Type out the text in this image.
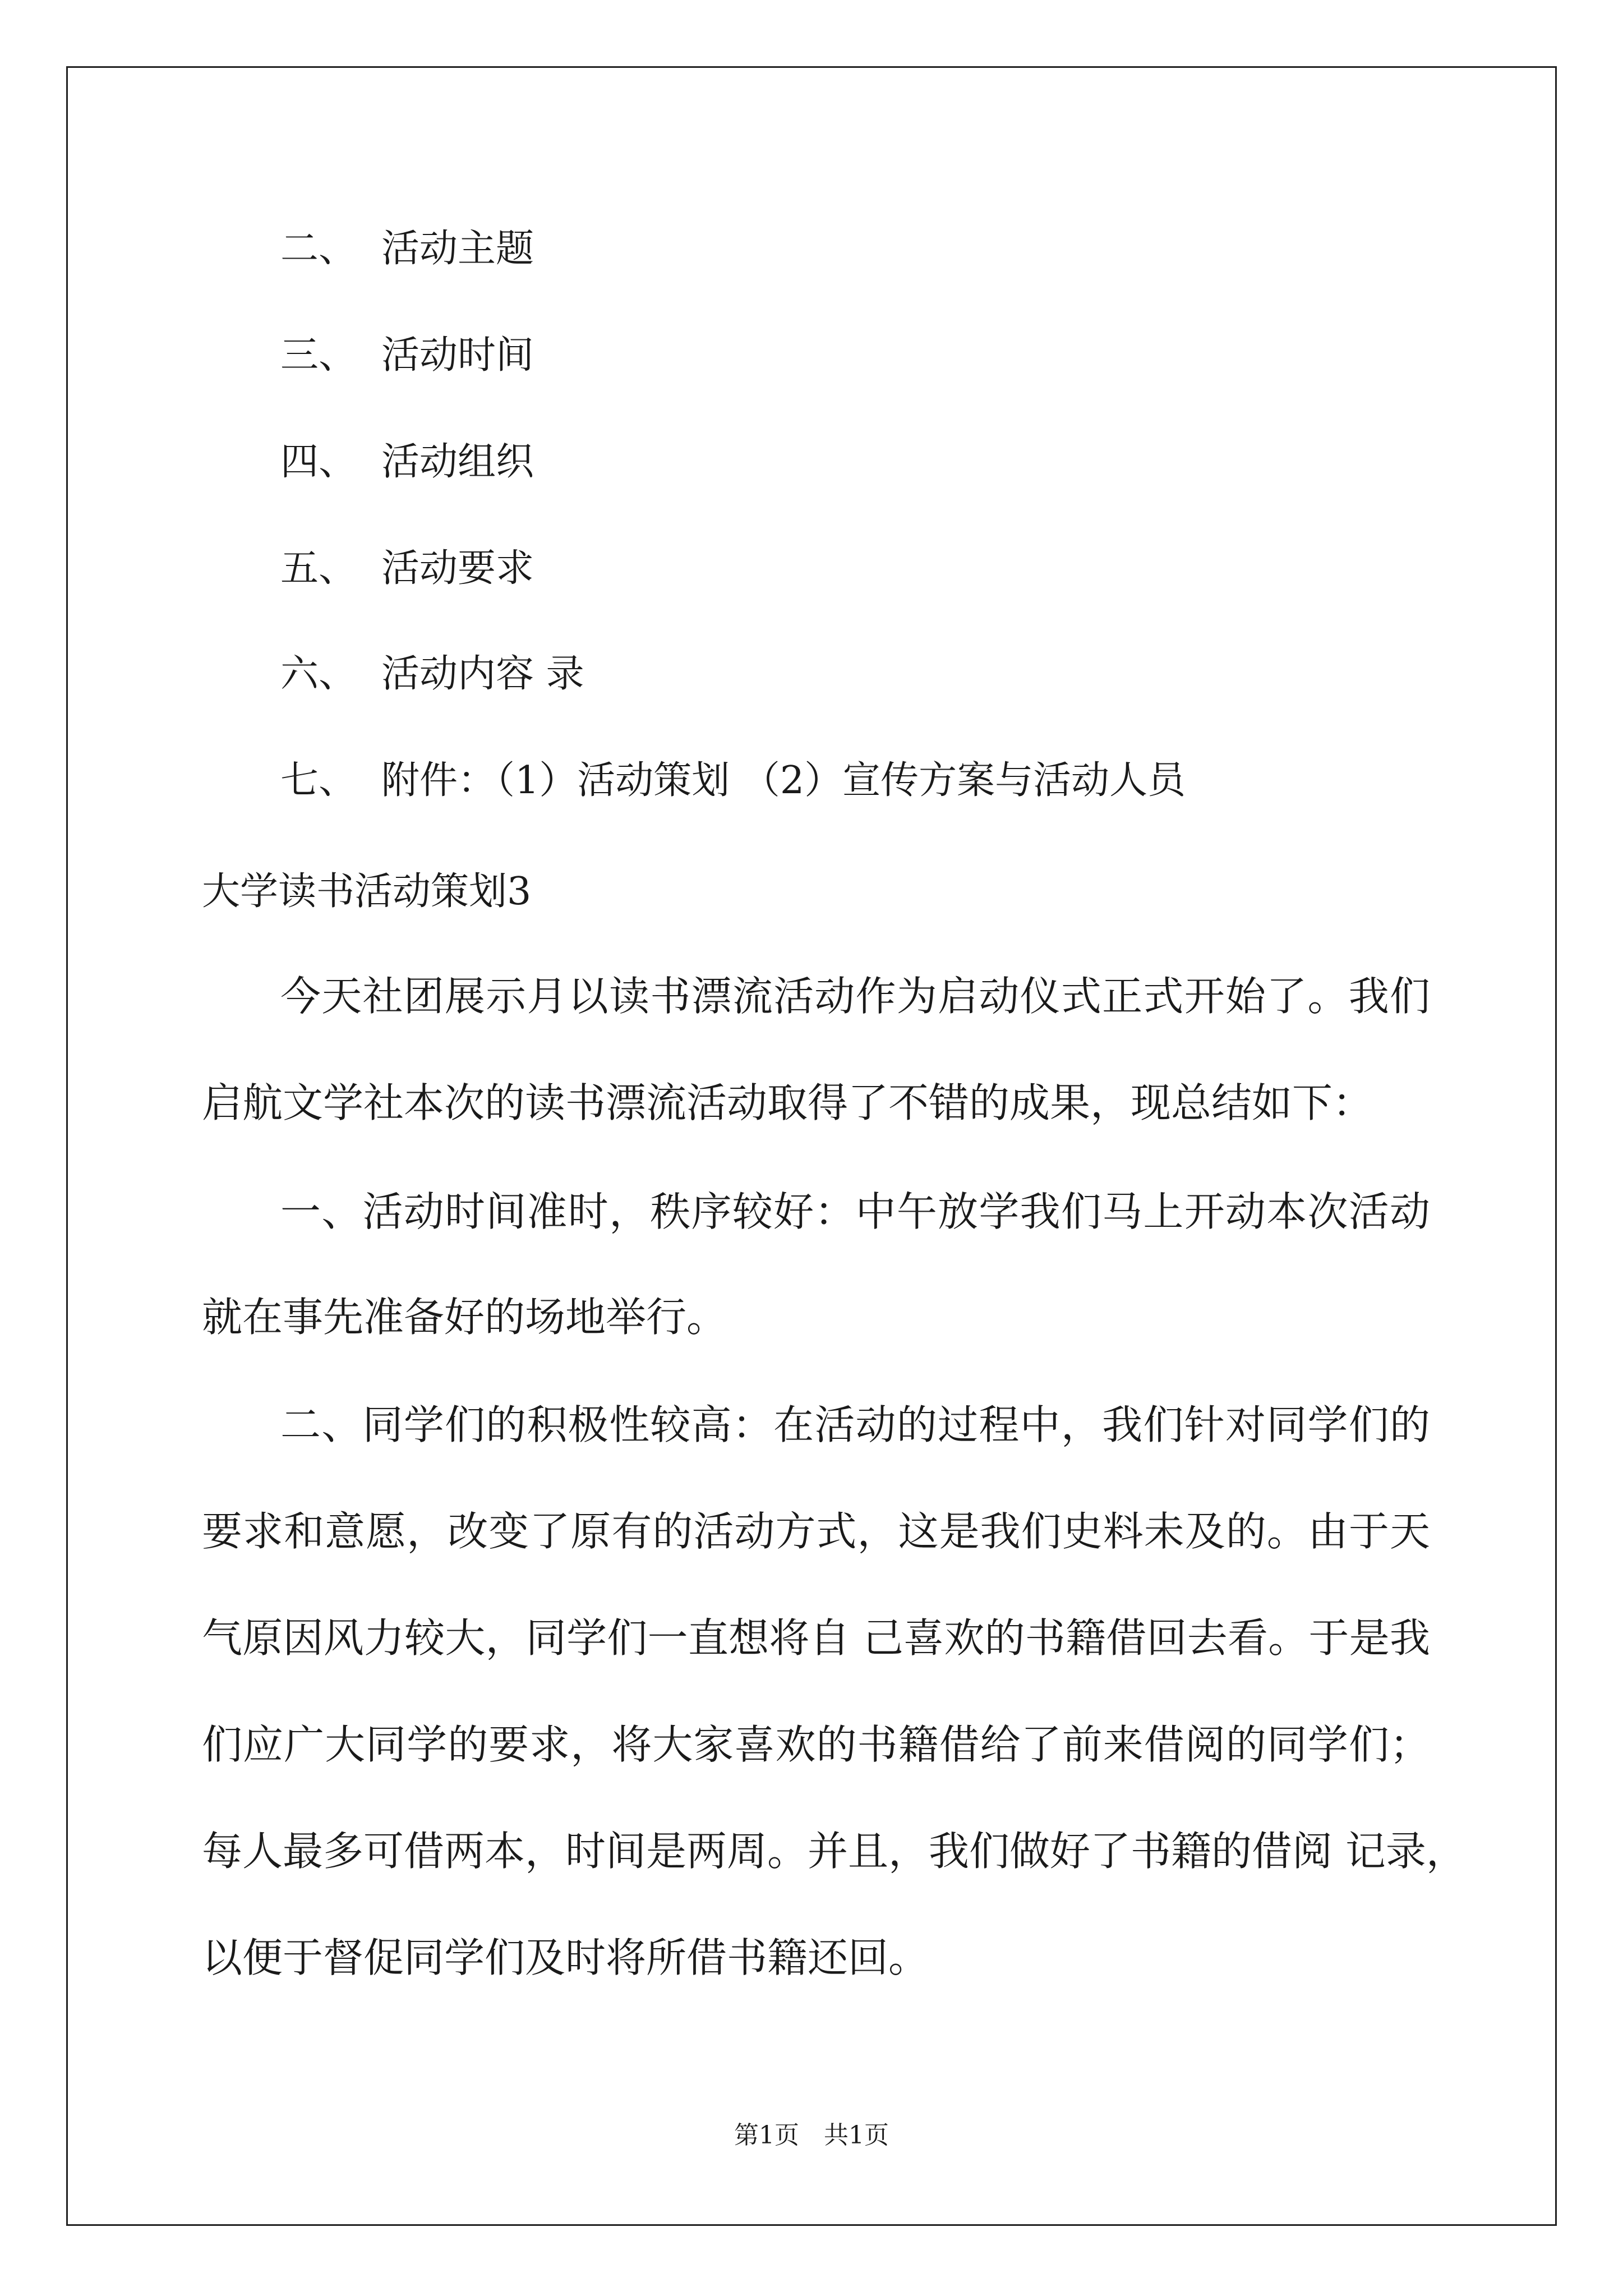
二、 活动主题
三、 活动时间
四、 活动组织
五、 活动要求
六、 活动内容 录
七、 附件：（1）活动策划 （2）宣传方案与活动人员
大学读书活动策划3
今天社团展示月以读书漂流活动作为启动仪式正式开始了。我们
启航文学社本次的读书漂流活动取得了不错的成果，现总结如下：
一、活动时间准时，秩序较好：中午放学我们马上开动本次活动
就在事先准备好的场地举行。
二、同学们的积极性较高：在活动的过程中，我们针对同学们的
要求和意愿，改变了原有的活动方式，这是我们史料未及的。由于天
气原因风力较大，同学们一直想将自 己喜欢的书籍借回去看。于是我
们应广大同学的要求，将大家喜欢的书籍借给了前来借阅的同学们；
每人最多可借两本，时间是两周。并且，我们做好了书籍的借阅 记录，
以便于督促同学们及时将所借书籍还回。
第1页　共1页
